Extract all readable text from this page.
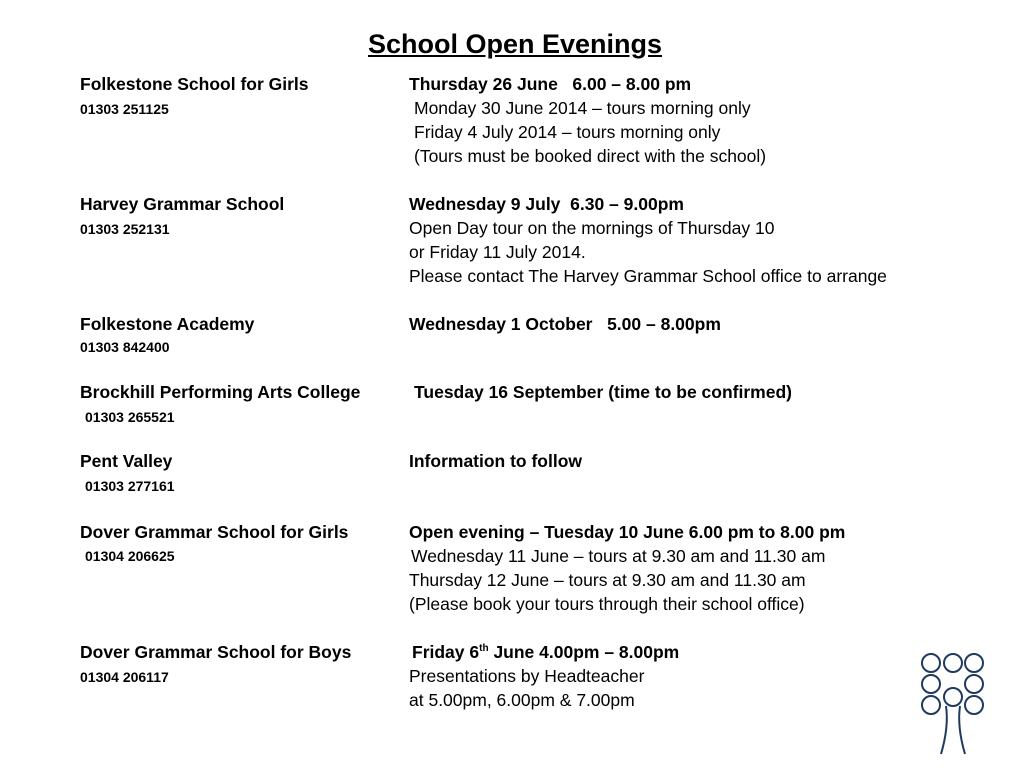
School Open Evenings
Folkestone School for Girls
01303 251125
Thursday 26 June   6.00 – 8.00 pm
Monday 30 June 2014 – tours morning only
Friday 4 July 2014 – tours morning only
(Tours must be booked direct with the school)
Harvey Grammar School
01303 252131
Wednesday 9 July  6.30 – 9.00pm
Open Day tour on the mornings of Thursday 10
or Friday 11 July 2014.
Please contact The Harvey Grammar School office to arrange
Folkestone Academy
01303 842400
Wednesday 1 October   5.00 – 8.00pm
Brockhill Performing Arts College
01303 265521
Tuesday 16 September (time to be confirmed)
Pent Valley
01303 277161
Information to follow
Dover Grammar School for Girls
01304 206625
Open evening – Tuesday 10 June 6.00 pm to 8.00 pm
Wednesday 11 June – tours at 9.30 am and 11.30 am
Thursday 12 June – tours at 9.30 am and 11.30 am
(Please book your tours through their school office)
Dover Grammar School for Boys
01304 206117
Friday 6th June 4.00pm – 8.00pm
Presentations by Headteacher
at 5.00pm, 6.00pm & 7.00pm
